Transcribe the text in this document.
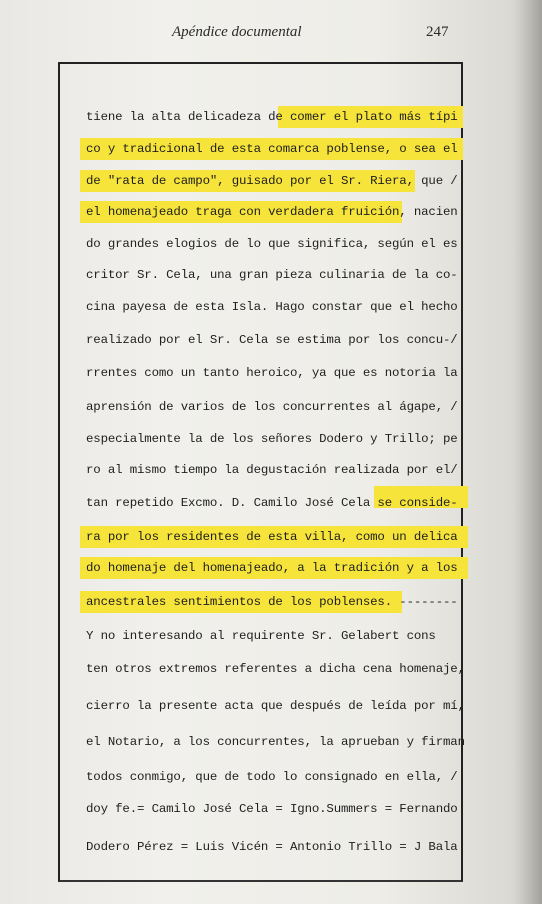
Apéndice documental	247
tiene la alta delicadeza de comer el plato más típi
co y tradicional de esta comarca poblense, o sea el
de "rata de campo", guisado por el Sr. Riera, que /
el homenajeado traga con verdadera fruición, nacien
do grandes elogios de lo que significa, según el es
critor Sr. Cela, una gran pieza culinaria de la co-
cina payesa de esta Isla. Hago constar que el hecho
realizado por el Sr. Cela se estima por los concu-/
rrentes como un tanto heroico, ya que es notoria la
aprensión de varios de los concurrentes al ágape, /
especialmente la de los señores Dodero y Trillo; pe
ro al mismo tiempo la degustación realizada por el/
tan repetido Excmo. D. Camilo José Cela se conside-
ra por los residentes de esta villa, como un delica
do homenaje del homenajeado, a la tradición y a los
ancestrales sentimientos de los poblenses. --------
Y no interesando al requirente Sr. Gelabert cons
ten otros extremos referentes a dicha cena homenaje,
cierro la presente acta que después de leída por mí,
el Notario, a los concurrentes, la aprueban y firman
todos conmigo, que de todo lo consignado en ella, /
doy fe.= Camilo José Cela = Igno.Summers = Fernando
Dodero Pérez = Luis Vicén = Antonio Trillo = J Bala
